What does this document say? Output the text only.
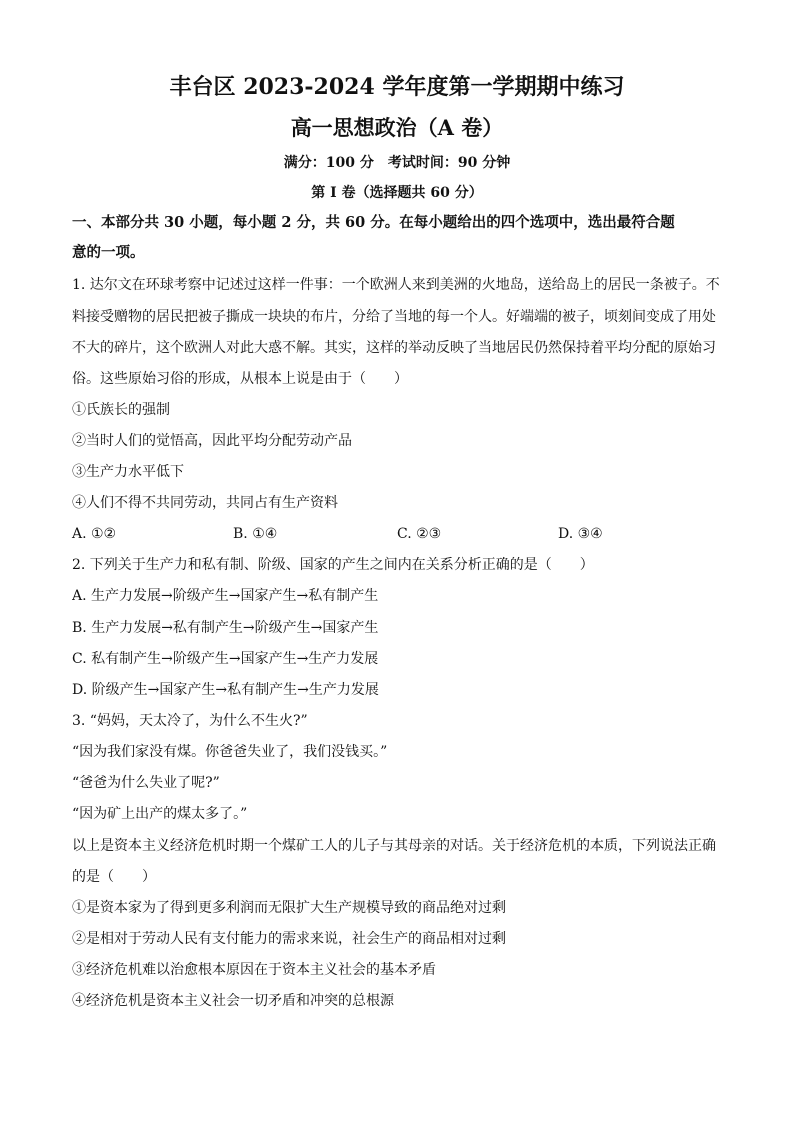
丰台区 2023-2024 学年度第一学期期中练习
高一思想政治（A 卷）
满分：100 分　考试时间：90 分钟
第 I 卷（选择题共 60 分）
一、本部分共 30 小题，每小题 2 分，共 60 分。在每小题给出的四个选项中，选出最符合题
意的一项。
1. 达尔文在环球考察中记述过这样一件事：一个欧洲人来到美洲的火地岛，送给岛上的居民一条被子。不
料接受赠物的居民把被子撕成一块块的布片，分给了当地的每一个人。好端端的被子，顷刻间变成了用处
不大的碎片，这个欧洲人对此大惑不解。其实，这样的举动反映了当地居民仍然保持着平均分配的原始习
俗。这些原始习俗的形成，从根本上说是由于（　　）
①氏族长的强制
②当时人们的觉悟高，因此平均分配劳动产品
③生产力水平低下
④人们不得不共同劳动，共同占有生产资料
A. ①②	B. ①④	C. ②③	D. ③④
2. 下列关于生产力和私有制、阶级、国家的产生之间内在关系分析正确的是（　　）
A. 生产力发展→阶级产生→国家产生→私有制产生
B. 生产力发展→私有制产生→阶级产生→国家产生
C. 私有制产生→阶级产生→国家产生→生产力发展
D. 阶级产生→国家产生→私有制产生→生产力发展
3. “妈妈，天太冷了，为什么不生火?”
“因为我们家没有煤。你爸爸失业了，我们没钱买。”
“爸爸为什么失业了呢?”
“因为矿上出产的煤太多了。”
以上是资本主义经济危机时期一个煤矿工人的儿子与其母亲的对话。关于经济危机的本质，下列说法正确
的是（　　）
①是资本家为了得到更多利润而无限扩大生产规模导致的商品绝对过剩
②是相对于劳动人民有支付能力的需求来说，社会生产的商品相对过剩
③经济危机难以治愈根本原因在于资本主义社会的基本矛盾
④经济危机是资本主义社会一切矛盾和冲突的总根源
